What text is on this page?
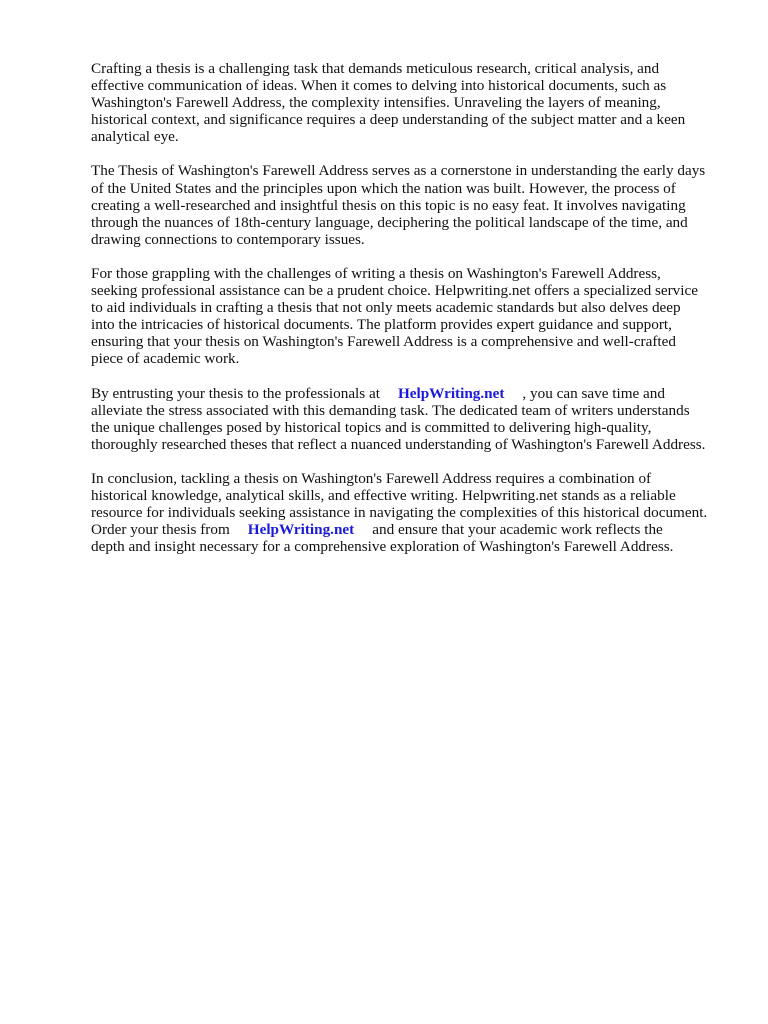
Crafting a thesis is a challenging task that demands meticulous research, critical analysis, and
effective communication of ideas. When it comes to delving into historical documents, such as
Washington's Farewell Address, the complexity intensifies. Unraveling the layers of meaning,
historical context, and significance requires a deep understanding of the subject matter and a keen
analytical eye.

The Thesis of Washington's Farewell Address serves as a cornerstone in understanding the early days
of the United States and the principles upon which the nation was built. However, the process of
creating a well-researched and insightful thesis on this topic is no easy feat. It involves navigating
through the nuances of 18th-century language, deciphering the political landscape of the time, and
drawing connections to contemporary issues.

For those grappling with the challenges of writing a thesis on Washington's Farewell Address,
seeking professional assistance can be a prudent choice. Helpwriting.net offers a specialized service
to aid individuals in crafting a thesis that not only meets academic standards but also delves deep
into the intricacies of historical documents. The platform provides expert guidance and support,
ensuring that your thesis on Washington's Farewell Address is a comprehensive and well-crafted
piece of academic work.

By entrusting your thesis to the professionals at HelpWriting.net , you can save time and
alleviate the stress associated with this demanding task. The dedicated team of writers understands
the unique challenges posed by historical topics and is committed to delivering high-quality,
thoroughly researched theses that reflect a nuanced understanding of Washington's Farewell Address.

In conclusion, tackling a thesis on Washington's Farewell Address requires a combination of
historical knowledge, analytical skills, and effective writing. Helpwriting.net stands as a reliable
resource for individuals seeking assistance in navigating the complexities of this historical document.
Order your thesis from HelpWriting.net and ensure that your academic work reflects the
depth and insight necessary for a comprehensive exploration of Washington's Farewell Address.
